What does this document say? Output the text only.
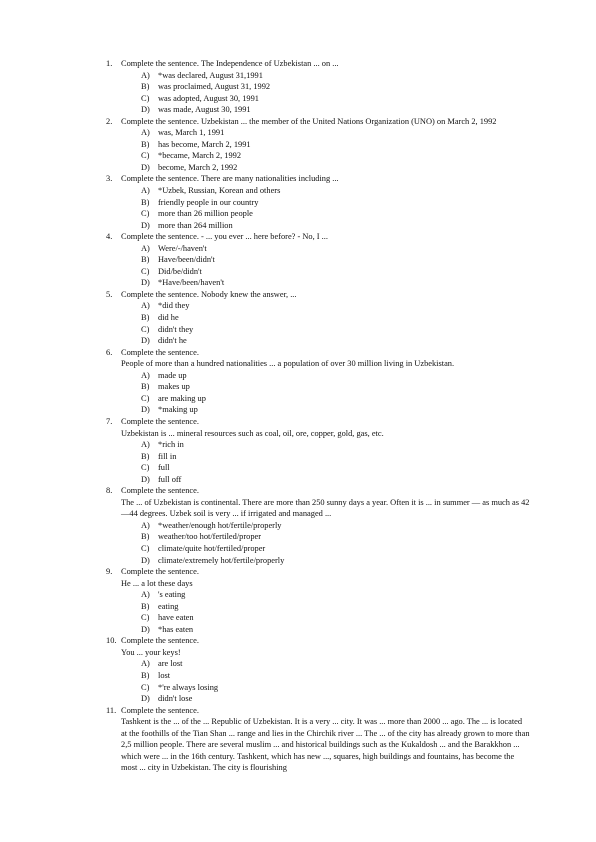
1.	Complete the sentence. The Independence of Uzbekistan ... on ...
A) *was declared, August 31,1991
B)	was proclaimed, August 31, 1992
C)	was adopted, August 30, 1991
D) was made, August 30, 1991
2.	Complete the sentence. Uzbekistan ... the member of the United Nations Organization (UNO) on March 2, 1992
A) was, March 1, 1991
B)	has become, March 2, 1991
C)	*became, March 2, 1992
D) become, March 2, 1992
3.	Complete the sentence. There are many nationalities including ...
A) *Uzbek, Russian, Korean and others
B)	friendly people in our country
C)	more than 26 million people
D) more than 264 million
4.	Complete the sentence. - ... you ever ... here before? - No, I ...
A) Were/-/haven't
B)	Have/been/didn't
C)	Did/be/didn't
D) *Have/been/haven't
5.	Complete the sentence. Nobody knew the answer, ...
A) *did they
B)	did he
C)	didn't they
D) didn't he
6.	Complete the sentence.
People of more than a hundred nationalities ... a population of over 30 million living in Uzbekistan.
A) made up
B)	makes up
C)	are making up
D) *making up
7.	Complete the sentence.
Uzbekistan is ... mineral resources such as coal, oil, ore, copper, gold, gas, etc.
A) *rich in
B)	fill in
C)	full
D) full off
8.	Complete the sentence.
The ... of Uzbekistan is continental. There are more than 250 sunny days a year. Often it is ... in summer — as much as 42—44 degrees. Uzbek soil is very ... if irrigated and managed ...
A) *weather/enough hot/fertile/properly
B)	weather/too hot/fertiled/proper
C)	climate/quite hot/fertiled/proper
D) climate/extremely hot/fertile/properly
9.	Complete the sentence.
He ... a lot these days
A) 's eating
B)	eating
C)	have eaten
D) *has eaten
10. Complete the sentence.
You ... your keys!
A) are lost
B)	lost
C)	*'re always losing
D) didn't lose
11. Complete the sentence.
Tashkent is the ... of the ... Republic of Uzbekistan. It is a very ... city. It was ... more than 2000 ... ago. The ... is located at the foothills of the Tian Shan ... range and lies in the Chirchik river ... The ... of the city has already grown to more than 2,5 million people. There are several muslim ... and historical buildings such as the Kukaldosh ... and the Barakkhon ... which were ... in the 16th century. Tashkent, which has new ..., squares, high buildings and fountains, has become the most ... city in Uzbekistan. The city is flourishing
